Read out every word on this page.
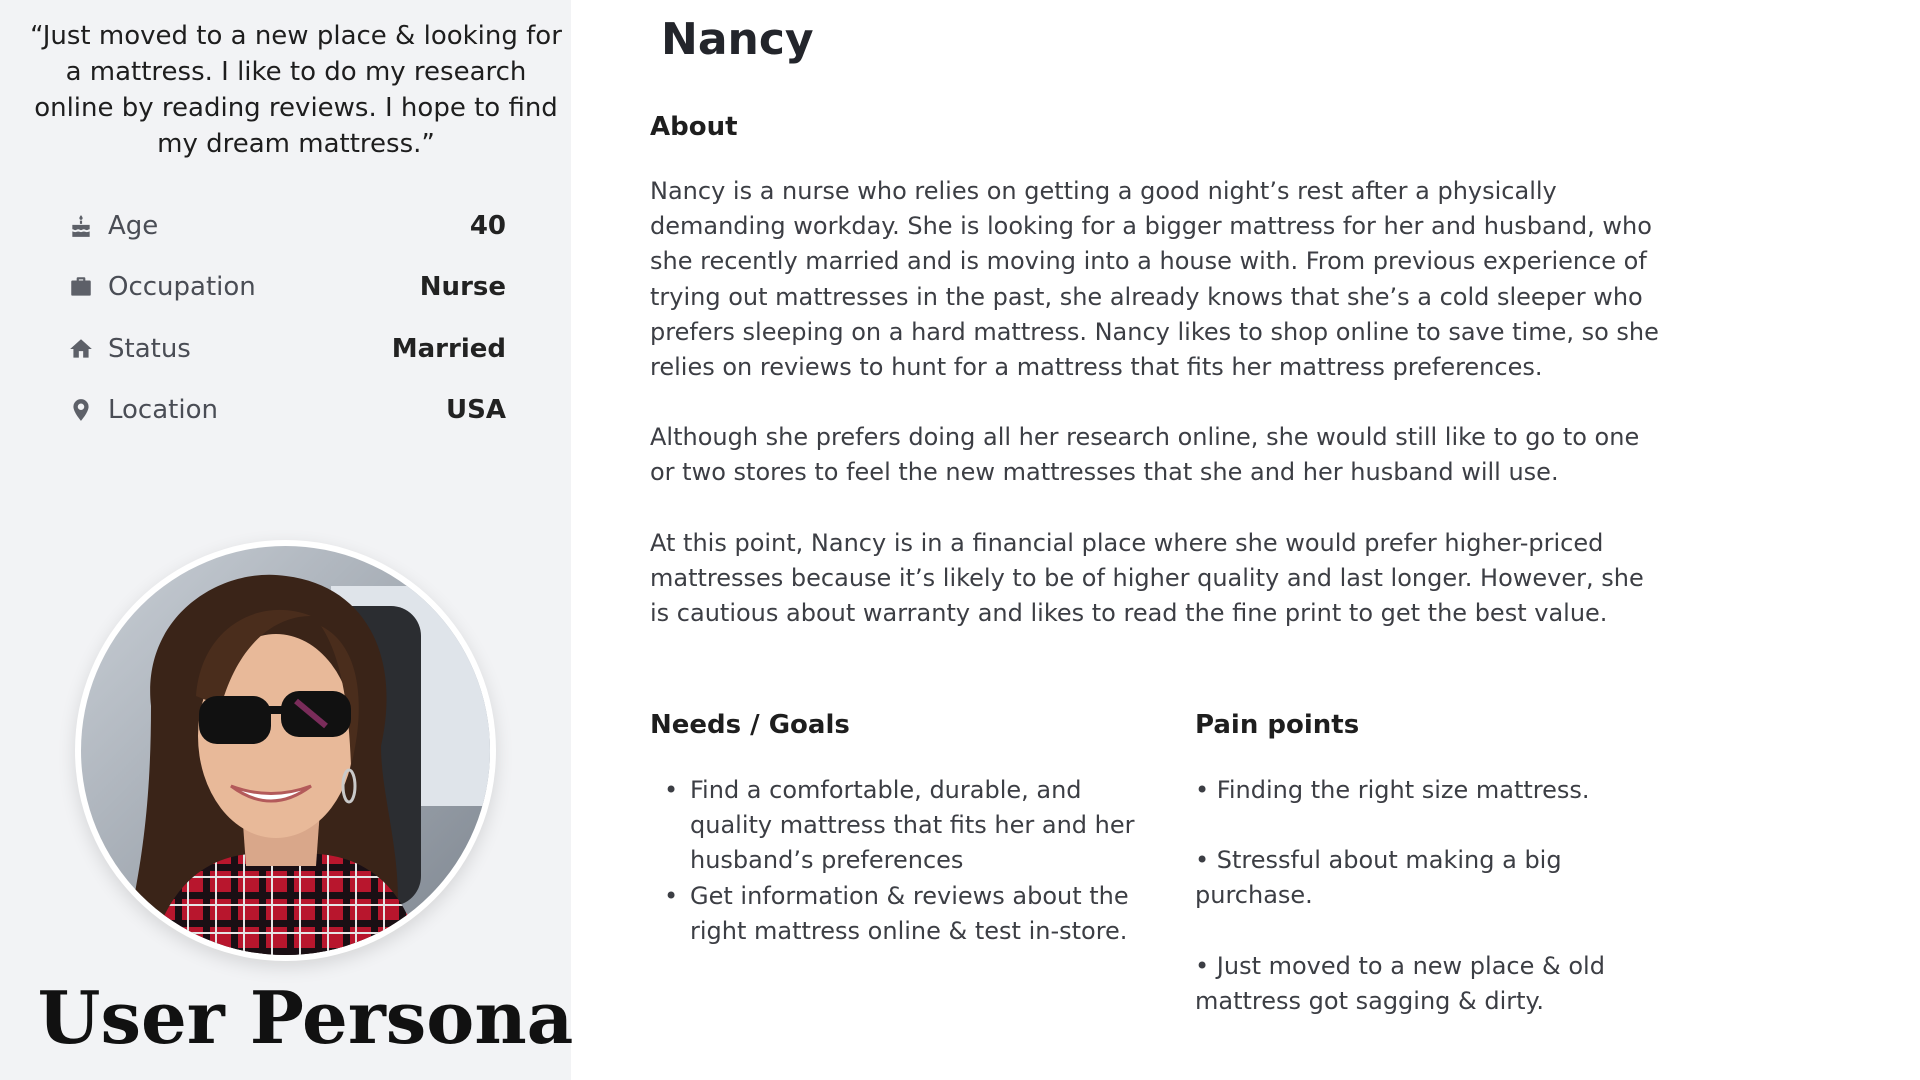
“Just moved to a new place & looking for a mattress. I like to do my research online by reading reviews. I hope to find my dream mattress.”

Age	40
Occupation	Nurse
Status	Married
Location	USA
User Persona
Nancy
About

Nancy is a nurse who relies on getting a good night’s rest after a physically demanding workday. She is looking for a bigger mattress for her and husband, who she recently married and is moving into a house with. From previous experience of trying out mattresses in the past, she already knows that she’s a cold sleeper who prefers sleeping on a hard mattress. Nancy likes to shop online to save time, so she relies on reviews to hunt for a mattress that fits her mattress preferences.

Although she prefers doing all her research online, she would still like to go to one or two stores to feel the new mattresses that she and her husband will use.

At this point, Nancy is in a financial place where she would prefer higher-priced mattresses because it’s likely to be of higher quality and last longer. However, she is cautious about warranty and likes to read the fine print to get the best value.

Needs / Goals
• Find a comfortable, durable, and quality mattress that fits her and her husband’s preferences
• Get information & reviews about the right mattress online & test in-store.
Pain points
• Finding the right size mattress.
• Stressful about making a big purchase.
• Just moved to a new place & old mattress got sagging & dirty.
